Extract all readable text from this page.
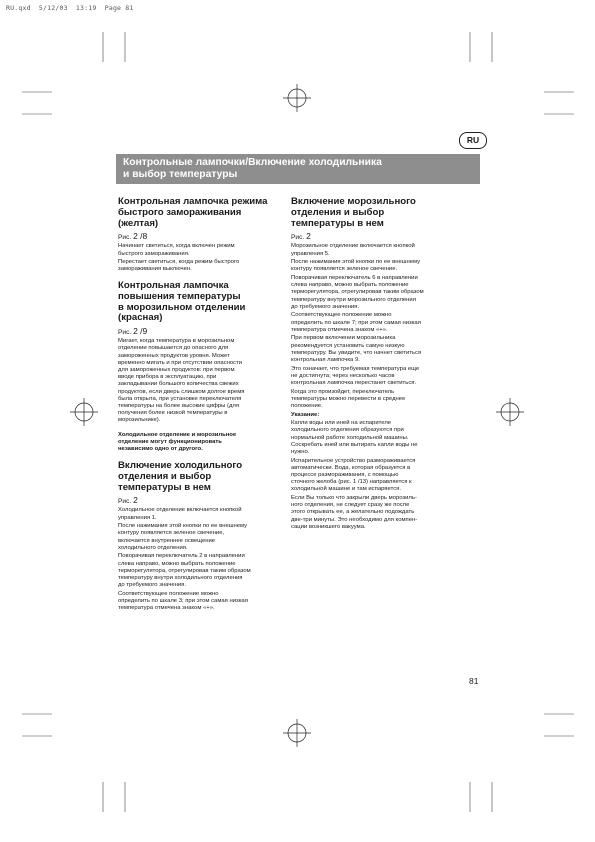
RU.qxd  5/12/03  13:19  Page 81
RU
Контрольные лампочки/Включение холодильника
и выбор температуры
Контрольная лампочка режима
быстрого замораживания
(желтая)
Рис. 2 /8
Начинает светиться, когда включен режим
быстрого замораживания.
Перестает светиться, когда режим быстрого
замораживания выключен.
Контрольная лампочка
повышения температуры
в морозильном отделении
(красная)
Рис. 2 /9
Мигает, когда температура в морозильном
отделении повышается до опасного для
замороженных продуктов уровня. Может
временно мигать и при отсутствии опасности
для замороженных продуктов: при первом
вводе прибора в эксплуатацию, при
закладывании большого количества свежих
продуктов, если дверь слишком долгое время
была открыта, при установке переключателя
температуры на более высокие цифры (для
получения более низкой температуры в
морозильнике).
Холодильное отделение и морозильное
отделение могут функционировать
независимо одно от другого.
Включение холодильного
отделения и выбор
температуры в нем
Рис. 2
Холодильное отделение включается кнопкой
управления 1.
После нажимания этой кнопки по ее внешнему
контуру появляется зеленое свечение,
включается внутреннее освещение
холодильного отделения.
Поворачивая переключатель 2 в направлении
слева направо, можно выбрать положение
терморегулятора, отрегулировав таким образом
температуру внутри холодильного отделения
до требуемого значения.
Соответствующее положение можно
определить по шкале 3; при этом самая низкая
температура отмечена знаком «+».
Включение морозильного
отделения и выбор
температуры в нем
Рис. 2
Морозильное отделение включается кнопкой
управления 5.
После нажимания этой кнопки по ее внешнему
контуру появляется зеленое свечение.
Поворачивая переключатель 6 в направлении
слева направо, можно выбрать положение
терморегулятора, отрегулировав таким образом
температуру внутри морозильного отделения
до требуемого значения.
Соответствующее положение можно
определить по шкале 7; при этом самая низкая
температура отмечена знаком «+».
При первом включении морозильника
рекомендуется установить самую низкую
температуру. Вы увидите, что начнет светиться
контрольная лампочка 9.
Это означает, что требуемая температура еще
не достигнута; через несколько часов
контрольная лампочка перестанет светиться.
Когда это произойдет, переключатель
температуры можно перевести в среднее
положение.
Указание:
Капли воды или иней на испарителе
холодильного отделения образуются при
нормальной работе холодильной машины.
Соскребать иней или вытирать капли воды не
нужно.
Испарительное устройство размораживается
автоматически. Вода, которая образуется в
процессе размораживания, с помощью
сточного желоба (рис. 1 /13) направляется к
холодильной машине и там испаряется.
Если Вы только что закрыли дверь морозиль-
ного отделения, не следует сразу же после
этого открывать ее, а желательно подождать
две-три минуты. Это необходимо для компен-
сации возникшего вакуума.
81
